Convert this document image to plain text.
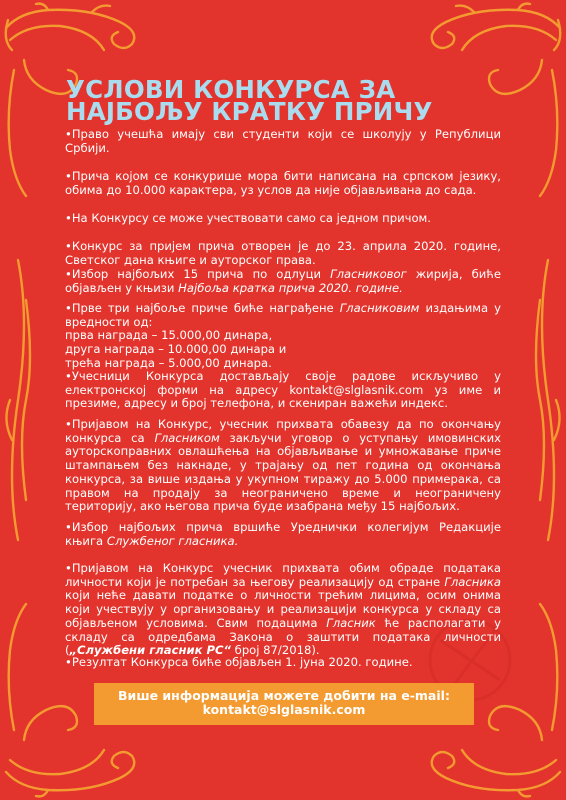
УСЛОВИ КОНКУРСА ЗА
НАЈБОЉУ КРАТКУ ПРИЧУ

•Право учешћа имају сви студенти који се школују у Републици Србији.

•Прича којом се конкурише мора бити написана на српском језику, обима до 10.000 карактера, уз услов да није објављивана до сада.

•На Конкурсу се може учествовати само са једном причом.

•Конкурс за пријем прича отворен је до 23. априла 2020. године, Светског дана књиге и ауторског права.

•Избор најбољих 15 прича по одлуци Гласниковог жирија, биће објављен у књизи Најбоља кратка прича 2020. године.

•Прве три најбоље приче биће награђене Гласниковим издањима у вредности од:
прва награда – 15.000,00 динара,
друга награда – 10.000,00 динара и
трећа награда – 5.000,00 динара.

•Учесници Конкурса достављају своје радове искључиво у електронској форми на адресу kontakt@slglasnik.com уз име и презиме, адресу и број телефона, и скениран важећи индекс.

•Пријавом на Конкурс, учесник прихвата обавезу да по окончању конкурса са Гласником закључи уговор о уступању имовинских ауторскоправних овлашћења на објављивање и умножавање приче штампањем без накнаде, у трајању од пет година од окончања конкурса, за више издања у укупном тиражу до 5.000 примерака, са правом на продају за неограничено време и неограничену територију, ако његова прича буде изабрана међу 15 најбољих.

•Избор најбољих прича вршиће Уреднички колегијум Редакције књига Службеног гласника.

•Пријавом на Конкурс учесник прихвата обим обраде података личности који је потребан за његову реализацију од стране Гласника који неће давати податке о личности трећим лицима, осим онима који учествују у организовању и реализацији конкурса у складу са објављеном условима. Свим подацима Гласник ће располагати у складу са одредбама Закона о заштити података личности („Службени гласник РС“ број 87/2018).

•Резултат Конкурса биће објављен 1. јуна 2020. године.

Више информација можете добити на e-mail:
kontakt@slglasnik.com
